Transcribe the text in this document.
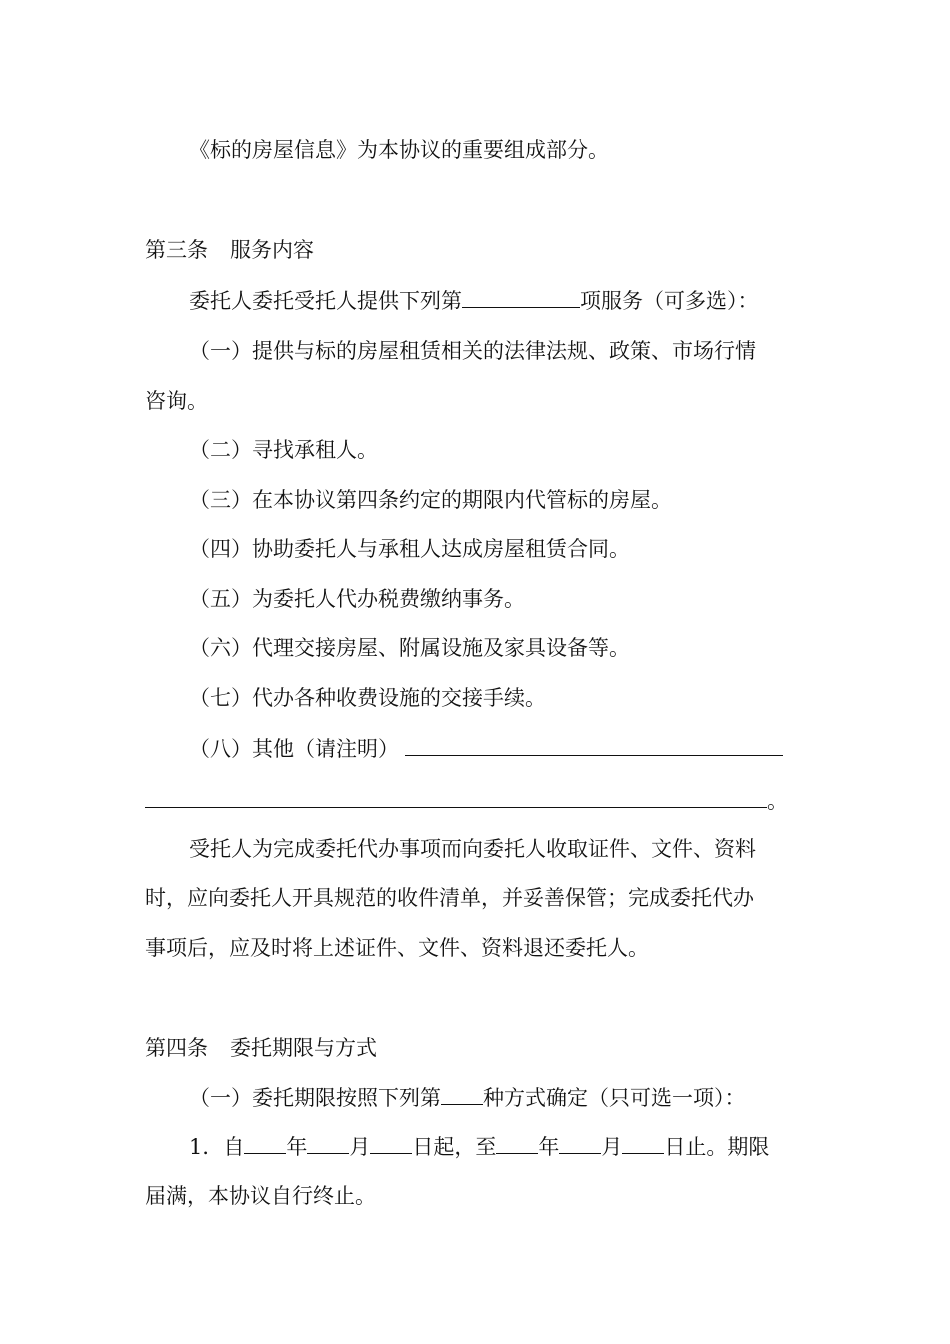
《标的房屋信息》为本协议的重要组成部分。
第三条 服务内容
委托人委托受托人提供下列第	项服务（可多选）：
（一）提供与标的房屋租赁相关的法律法规、政策、市场行情
咨询。
（二）寻找承租人。
（三）在本协议第四条约定的期限内代管标的房屋。
（四）协助委托人与承租人达成房屋租赁合同。
（五）为委托人代办税费缴纳事务。
（六）代理交接房屋、附属设施及家具设备等。
（七）代办各种收费设施的交接手续。
（八）其他（请注明）
。
受托人为完成委托代办事项而向委托人收取证件、文件、资料
时，应向委托人开具规范的收件清单，并妥善保管；完成委托代办
事项后，应及时将上述证件、文件、资料退还委托人。
第四条 委托期限与方式
（一）委托期限按照下列第 种方式确定（只可选一项）：
1．自 年 月 日起，至 年 月 日止。期限
届满，本协议自行终止。
